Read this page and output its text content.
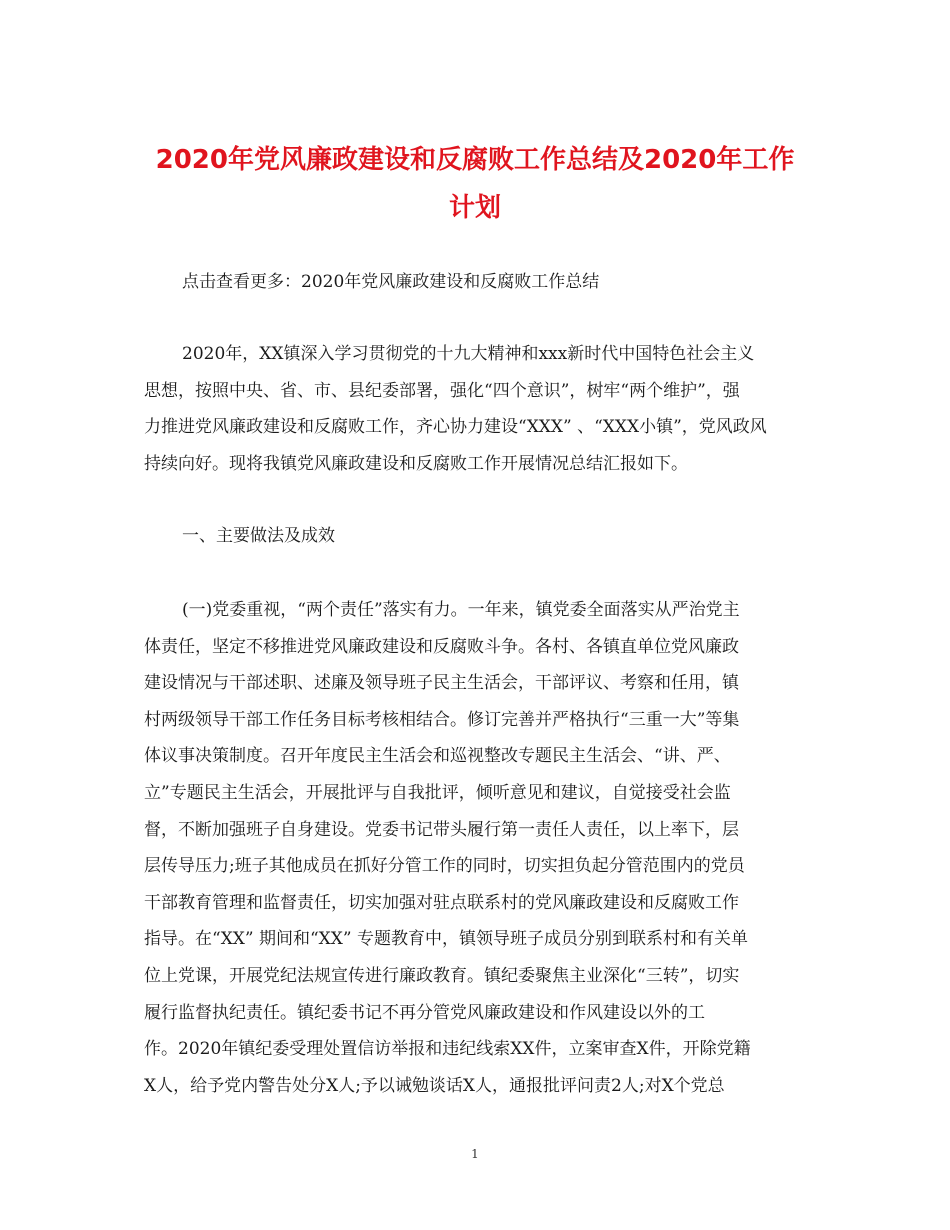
2020年党风廉政建设和反腐败工作总结及2020年工作
计划
点击查看更多：2020年党风廉政建设和反腐败工作总结
2020年，XX镇深入学习贯彻党的十九大精神和xxx新时代中国特色社会主义
思想，按照中央、省、市、县纪委部署，强化“四个意识”，树牢“两个维护”，强
力推进党风廉政建设和反腐败工作，齐心协力建设“XXX” 、“XXX小镇”，党风政风
持续向好。现将我镇党风廉政建设和反腐败工作开展情况总结汇报如下。
一、主要做法及成效
(一)党委重视，“两个责任”落实有力。一年来，镇党委全面落实从严治党主
体责任，坚定不移推进党风廉政建设和反腐败斗争。各村、各镇直单位党风廉政
建设情况与干部述职、述廉及领导班子民主生活会，干部评议、考察和任用，镇
村两级领导干部工作任务目标考核相结合。修订完善并严格执行“三重一大”等集
体议事决策制度。召开年度民主生活会和巡视整改专题民主生活会、“讲、严、
立”专题民主生活会，开展批评与自我批评，倾听意见和建议，自觉接受社会监
督，不断加强班子自身建设。党委书记带头履行第一责任人责任，以上率下，层
层传导压力;班子其他成员在抓好分管工作的同时，切实担负起分管范围内的党员
干部教育管理和监督责任，切实加强对驻点联系村的党风廉政建设和反腐败工作
指导。在“XX” 期间和“XX” 专题教育中，镇领导班子成员分别到联系村和有关单
位上党课，开展党纪法规宣传进行廉政教育。镇纪委聚焦主业深化“三转”，切实
履行监督执纪责任。镇纪委书记不再分管党风廉政建设和作风建设以外的工
作。2020年镇纪委受理处置信访举报和违纪线索XX件，立案审查X件，开除党籍
X人，给予党内警告处分X人;予以诫勉谈话X人，通报批评问责2人;对X个党总
1
